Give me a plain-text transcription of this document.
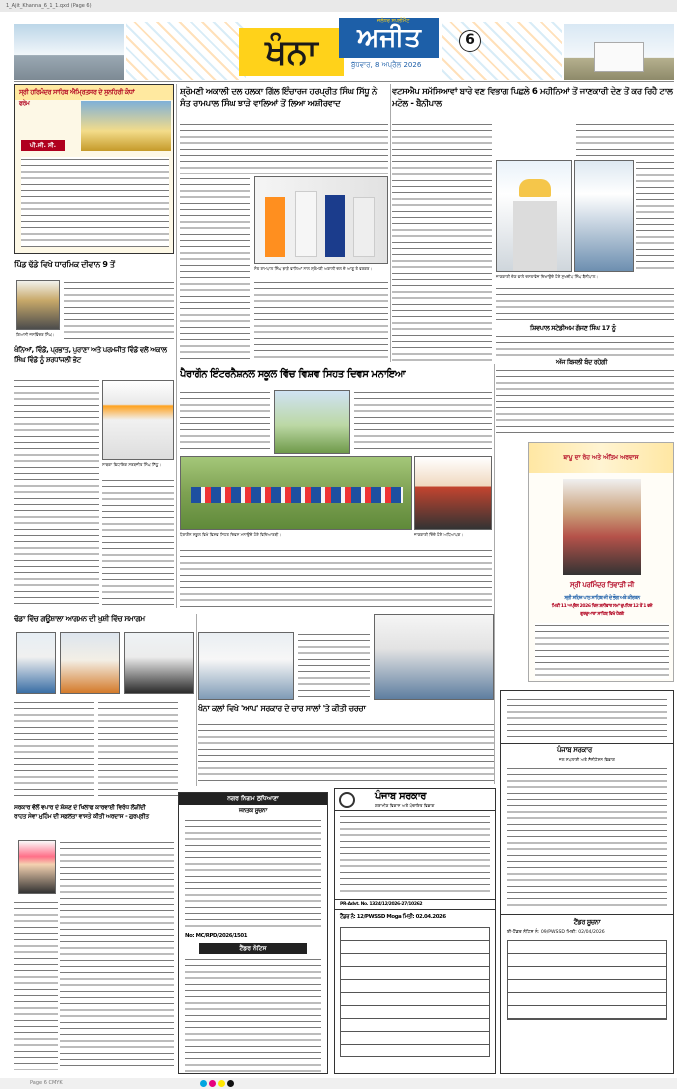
1_Ajit_Khanna_6_1_1.qxd (Page 6)
ਖੰਨਾ	ਅਜੀਤ
ਜਲੰਧਰ ਸਪਲੀਮੈਂਟ
ਬੁੱਧਵਾਰ, 8 ਅਪ੍ਰੈਲ 2026
6
ਸ੍ਰੀ ਹਰਿਮੰਦਰ ਸਾਹਿਬ ਐਮ੍ਰਿਤਸਰ ਦੇ ਸੁਨਹਿਰੀ ਕੰਧਾਂ
ਫਰੇਮ
ਪੀ.ਜੀ. ਸੀ.
ਪਿੰਡ ਢੱਡੇ ਵਿਖੇ ਧਾਰਮਿਕ ਦੀਵਾਨ 9 ਤੋਂ
ਗਿਆਨੀ ਜਸਵਿੰਦਰ ਸਿੰਘ।
ਖੰਨਿਆਂ, ਵਿੰਡੋ, ਪ੍ਰਭਾਤ, ਪੁਰਾਣਾ ਅਤੇ ਪਰਮਜੀਤ ਵਿੰਡੋ ਵਲੋਂ ਅਕਾਲ ਸਿੰਘ ਵਿੰਡੋ ਨੂੰ ਸ਼ਰਧਾਂਜਲੀ ਭੇਟ
ਸਾਬਕਾ ਵਿਧਾਇਕ ਸਰਬਜੀਤ ਸਿੰਘ ਸਿੱਧੂ।
ਸ਼੍ਰੋਮਣੀ ਅਕਾਲੀ ਦਲ ਹਲਕਾ ਗਿੱਲ ਇੰਚਾਰਜ ਹਰਪ੍ਰੀਤ ਸਿੰਘ ਸਿੱਧੂ ਨੇ ਸੰਤ ਰਾਮਪਾਲ ਸਿੰਘ ਝਾੜੇ ਵਾਲਿਆਂ ਤੋਂ ਲਿਆ ਅਸ਼ੀਰਵਾਦ
ਸੰਤ ਰਾਮਪਾਲ ਸਿੰਘ ਝਾੜੇ ਵਾਲਿਆਂ ਨਾਲ ਸ਼੍ਰੋਮਣੀ ਅਕਾਲੀ ਦਲ ਦੇ ਆਗੂ ਤੇ ਵਰਕਰ।
ਵਟਸਐਪ ਸਮੱਸਿਆਵਾਂ ਬਾਰੇ ਵਣ ਵਿਭਾਗ ਪਿਛਲੇ 6 ਮਹੀਨਿਆਂ ਤੋਂ ਜਾਣਕਾਰੀ ਦੇਣ ਤੋਂ ਕਰ ਰਿਹੈ ਟਾਲ ਮਟੋਲ - ਬੈਨੀਪਾਲ
ਜਾਣਕਾਰੀ ਦੇਣ ਵਾਲੇ ਦਸਤਾਵੇਜ਼ ਦਿਖਾਉਂਦੇ ਹੋਏ ਸੁਖਦੀਪ ਸਿੰਘ ਬੈਨੀਪਾਲ।
ਸ਼ਿਵਪਾਲ ਸਟੇਡੀਅਮ ਗੱਜਣ ਸਿੰਘ 17 ਨੂੰ
ਅੱਜ ਬਿਜਲੀ ਬੰਦ ਰਹੇਗੀ
ਪੈਰਾਗੌਨ ਇੰਟਰਨੈਸ਼ਨਲ ਸਕੂਲ ਵਿੱਚ ਵਿਸ਼ਵ ਸਿਹਤ ਦਿਵਸ ਮਨਾਇਆ
ਪੈਰਾਗੌਨ ਸਕੂਲ ਵਿਖੇ ਵਿਸ਼ਵ ਸਿਹਤ ਦਿਵਸ ਮਨਾਉਂਦੇ ਹੋਏ ਵਿਦਿਆਰਥੀ।	ਜਾਣਕਾਰੀ ਦਿੰਦੇ ਹੋਏ ਅਧਿਆਪਕ।
ਬਾਪੂ ਦਾ ਰੋਹ ਅਤੇ ਅੰਤਿਮ ਅਰਦਾਸ
ਸ੍ਰੀ ਪਰਮਿੰਦਰ ਤਿਵਾੜੀ ਜੀ
ਸ੍ਰੀ ਸਹਿਜ ਪਾਠ ਸਾਹਿਬ ਜੀ ਦੇ ਭੋਗ ਅਤੇ ਕੀਰਤਨ
ਮਿਤੀ 11 ਅਪ੍ਰੈਲ 2026 ਦਿਨ ਸ਼ਨੀਵਾਰ ਸਮਾਂ ਦੁਪਹਿਰ 12 ਤੋਂ 1 ਵਜੇ
ਗੁਰਦੁਆਰਾ ਸਾਹਿਬ ਵਿਖੇ ਹੋਣਗੇ
ਢੱਡਾ ਵਿੱਚ ਗਊਸ਼ਾਲਾ ਆਗਮਨ ਦੀ ਖੁਸ਼ੀ ਵਿੱਚ ਸਮਾਗਮ
ਖੰਨਾ ਕਲਾਂ ਵਿਖੇ 'ਆਪ' ਸਰਕਾਰ ਦੇ ਚਾਰ ਸਾਲਾਂ 'ਤੇ ਕੀਤੀ ਚਰਚਾ
ਸਰਕਾਰ ਵੱਲੋਂ ਵਪਾਰ ਦੇ ਸ਼ੋਸ਼ਣ ਦੇ ਖਿਲਾਫ ਕਾਰਵਾਈ ਵਿਰੋਧ ਲੋੜੀਂਦੀ
ਰਾਹਤ ਸੇਵਾ ਮੁਹਿੰਮ ਦੀ ਸਫ਼ਲਤਾ ਵਾਸਤੇ ਕੀਤੀ ਅਰਦਾਸ - ਗੁਰਪ੍ਰੀਤ
ਨਗਰ ਨਿਗਮ ਲੁਧਿਆਣਾ
ਜਨਤਕ ਸੂਚਨਾ
No: MC/RPD/2026/1501
ਟੈਂਡਰ ਨੋਟਿਸ
ਪੰਜਾਬ ਸਰਕਾਰ
ਗਰਾਮੀਣ ਵਿਕਾਸ ਅਤੇ ਪੰਚਾਇਤ ਵਿਭਾਗ
PR-Advt. No. 1324/12/2026-27/10262
ਟੈਂਡਰ ਨੰ: 12/PWSSD Moga ਮਿਤੀ: 02.04.2026
ਪੰਜਾਬ ਸਰਕਾਰ
ਜਲ ਸਪਲਾਈ ਅਤੇ ਸੈਨੀਟੇਸ਼ਨ ਵਿਭਾਗ
ਟੈਂਡਰ ਸੂਚਨਾ
ਈ-ਟੈਂਡਰ ਨੋਟਿਸ ਨੰ: 09/PWSSD ਮਿਤੀ: 02/04/2026
Page 6 CMYK
